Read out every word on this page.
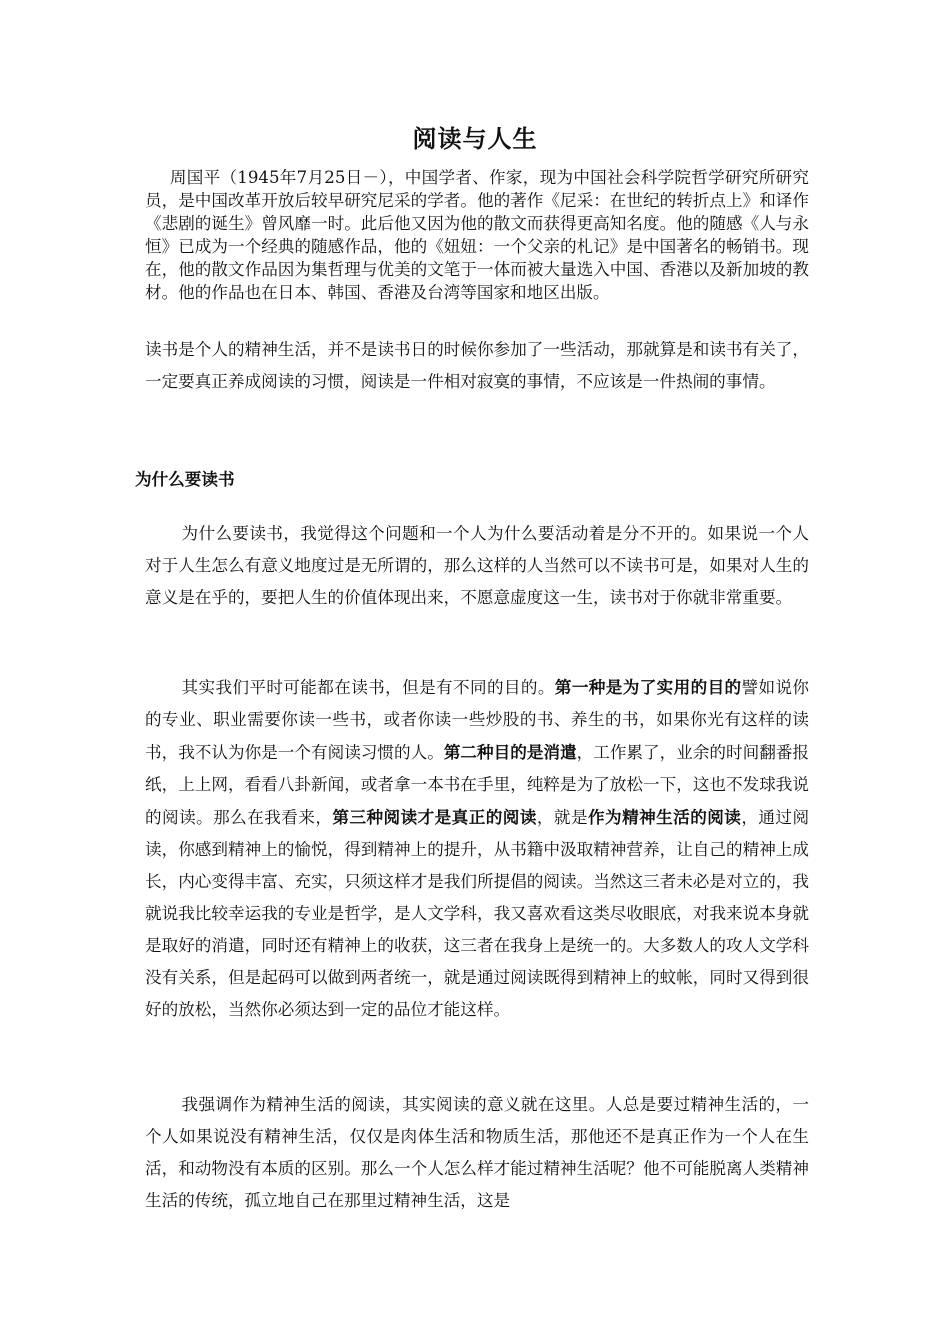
阅读与人生

周国平（1945年7月25日－），中国学者、作家，现为中国社会科学院哲学研究所研究员，是中国改革开放后较早研究尼采的学者。他的著作《尼采：在世纪的转折点上》和译作《悲剧的诞生》曾风靡一时。此后他又因为他的散文而获得更高知名度。他的随感《人与永恒》已成为一个经典的随感作品，他的《妞妞：一个父亲的札记》是中国著名的畅销书。现在，他的散文作品因为集哲理与优美的文笔于一体而被大量选入中国、香港以及新加坡的教材。他的作品也在日本、韩国、香港及台湾等国家和地区出版。

读书是个人的精神生活，并不是读书日的时候你参加了一些活动，那就算是和读书有关了，一定要真正养成阅读的习惯，阅读是一件相对寂寞的事情，不应该是一件热闹的事情。

为什么要读书

为什么要读书，我觉得这个问题和一个人为什么要活动着是分不开的。如果说一个人对于人生怎么有意义地度过是无所谓的，那么这样的人当然可以不读书可是，如果对人生的意义是在乎的，要把人生的价值体现出来，不愿意虚度这一生，读书对于你就非常重要。

其实我们平时可能都在读书，但是有不同的目的。第一种是为了实用的目的譬如说你的专业、职业需要你读一些书，或者你读一些炒股的书、养生的书，如果你光有这样的读书，我不认为你是一个有阅读习惯的人。第二种目的是消遣，工作累了，业余的时间翻番报纸，上上网，看看八卦新闻，或者拿一本书在手里，纯粹是为了放松一下，这也不发球我说的阅读。那么在我看来，第三种阅读才是真正的阅读，就是作为精神生活的阅读，通过阅读，你感到精神上的愉悦，得到精神上的提升，从书籍中汲取精神营养，让自己的精神上成长，内心变得丰富、充实，只须这样才是我们所提倡的阅读。当然这三者未必是对立的，我就说我比较幸运我的专业是哲学，是人文学科，我又喜欢看这类尽收眼底，对我来说本身就是取好的消遣，同时还有精神上的收获，这三者在我身上是统一的。大多数人的攻人文学科没有关系，但是起码可以做到两者统一，就是通过阅读既得到精神上的蚊帐，同时又得到很好的放松，当然你必须达到一定的品位才能这样。

我强调作为精神生活的阅读，其实阅读的意义就在这里。人总是要过精神生活的，一个人如果说没有精神生活，仅仅是肉体生活和物质生活，那他还不是真正作为一个人在生活，和动物没有本质的区别。那么一个人怎么样才能过精神生活呢？他不可能脱离人类精神生活的传统，孤立地自己在那里过精神生活，这是
